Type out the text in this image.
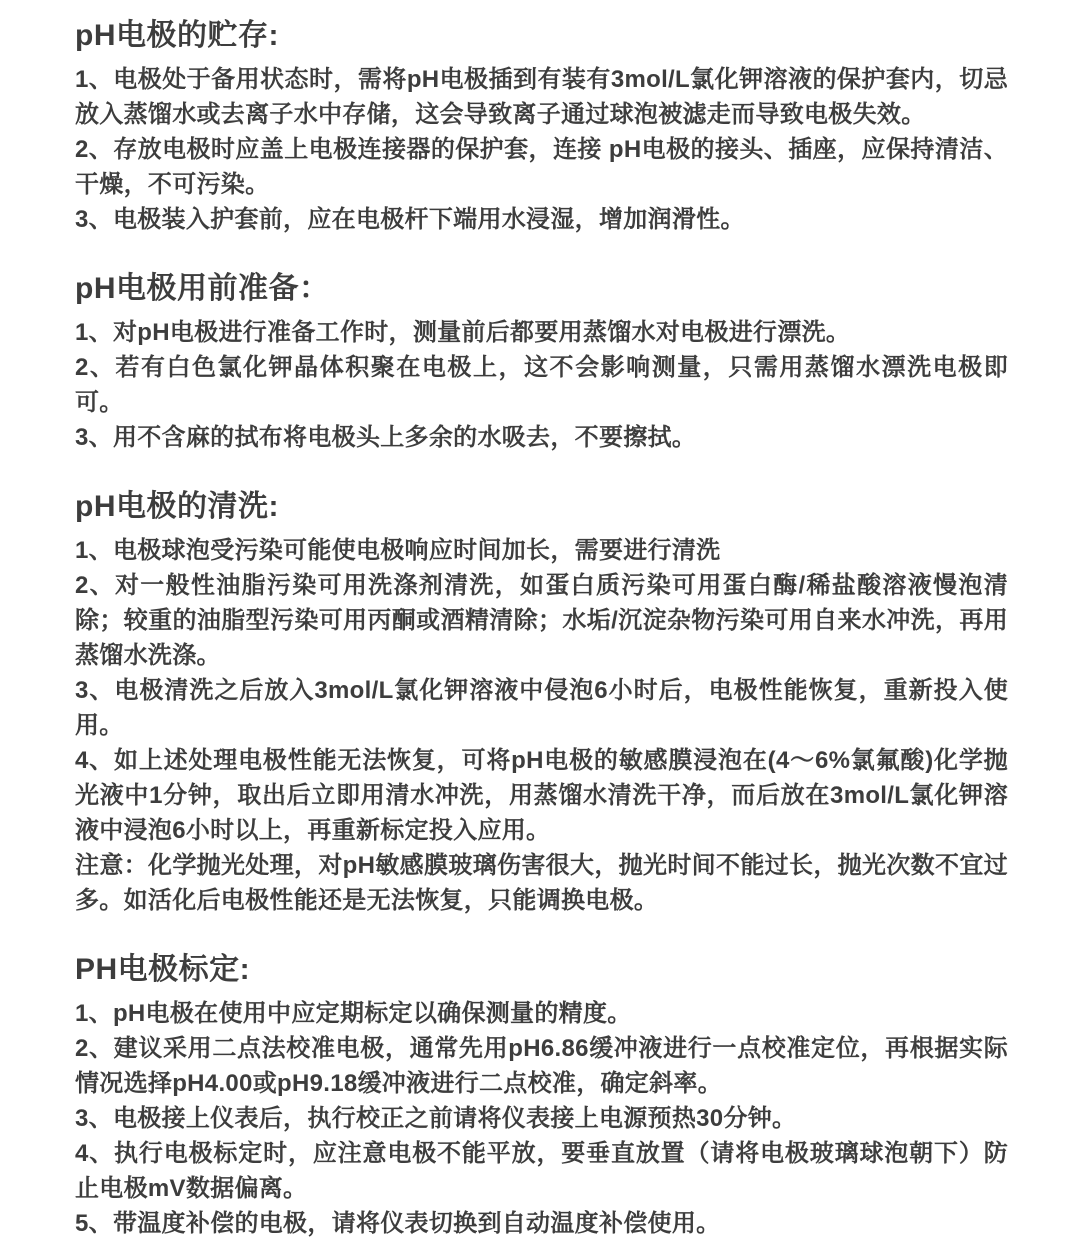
pH电极的贮存:

1、电极处于备用状态时，需将pH电极插到有装有3mol/L氯化钾溶液的保护套内，切忌放入蒸馏水或去离子水中存储，这会导致离子通过球泡被滤走而导致电极失效。

2、存放电极时应盖上电极连接器的保护套，连接 pH电极的接头、插座，应保持清洁、干燥，不可污染。

3、电极装入护套前，应在电极杆下端用水浸湿，增加润滑性。

pH电极用前准备：

1、对pH电极进行准备工作时，测量前后都要用蒸馏水对电极进行漂洗。

2、若有白色氯化钾晶体积聚在电极上，这不会影响测量，只需用蒸馏水漂洗电极即可。

3、用不含麻的拭布将电极头上多余的水吸去，不要擦拭。

pH电极的清洗:

1、电极球泡受污染可能使电极响应时间加长，需要进行清洗

2、对一般性油脂污染可用洗涤剂清洗，如蛋白质污染可用蛋白酶/稀盐酸溶液慢泡清除；较重的油脂型污染可用丙酮或酒精清除；水垢/沉淀杂物污染可用自来水冲洗，再用蒸馏水洗涤。

3、电极清洗之后放入3mol/L氯化钾溶液中侵泡6小时后，电极性能恢复，重新投入使用。

4、如上述处理电极性能无法恢复，可将pH电极的敏感膜浸泡在(4～6%氯氟酸)化学抛光液中1分钟，取出后立即用清水冲洗，用蒸馏水清洗干净，而后放在3mol/L氯化钾溶液中浸泡6小时以上，再重新标定投入应用。

注意：化学抛光处理，对pH敏感膜玻璃伤害很大，抛光时间不能过长，抛光次数不宜过多。如活化后电极性能还是无法恢复，只能调换电极。

PH电极标定:

1、pH电极在使用中应定期标定以确保测量的精度。

2、建议采用二点法校准电极，通常先用pH6.86缓冲液进行一点校准定位，再根据实际情况选择pH4.00或pH9.18缓冲液进行二点校准，确定斜率。

3、电极接上仪表后，执行校正之前请将仪表接上电源预热30分钟。

4、执行电极标定时，应注意电极不能平放，要垂直放置（请将电极玻璃球泡朝下）防止电极mV数据偏离。

5、带温度补偿的电极，请将仪表切换到自动温度补偿使用。
